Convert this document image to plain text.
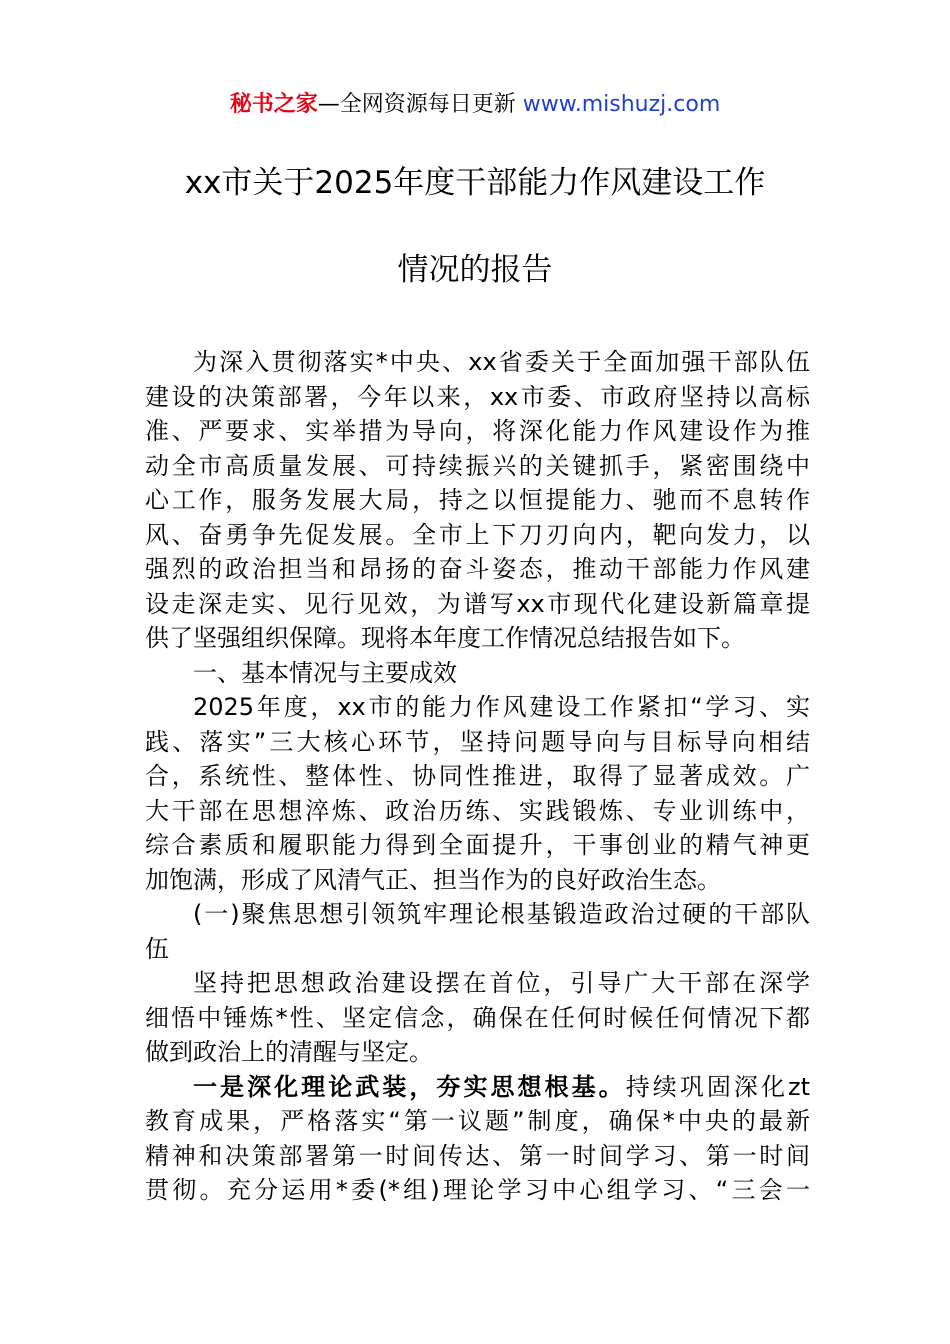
秘书之家—全网资源每日更新 www.mishuzj.com
xx市关于2025年度干部能力作风建设工作
情况的报告
为深入贯彻落实*中央、xx省委关于全面加强干部队伍
建设的决策部署，今年以来，xx市委、市政府坚持以高标
准、严要求、实举措为导向，将深化能力作风建设作为推
动全市高质量发展、可持续振兴的关键抓手，紧密围绕中
心工作，服务发展大局，持之以恒提能力、驰而不息转作
风、奋勇争先促发展。全市上下刀刃向内，靶向发力，以
强烈的政治担当和昂扬的奋斗姿态，推动干部能力作风建
设走深走实、见行见效，为谱写xx市现代化建设新篇章提
供了坚强组织保障。现将本年度工作情况总结报告如下。
一、基本情况与主要成效
2025年度，xx市的能力作风建设工作紧扣“学习、实
践、落实”三大核心环节，坚持问题导向与目标导向相结
合，系统性、整体性、协同性推进，取得了显著成效。广
大干部在思想淬炼、政治历练、实践锻炼、专业训练中，
综合素质和履职能力得到全面提升，干事创业的精气神更
加饱满，形成了风清气正、担当作为的良好政治生态。
(一)聚焦思想引领筑牢理论根基锻造政治过硬的干部队
伍
坚持把思想政治建设摆在首位，引导广大干部在深学
细悟中锤炼*性、坚定信念，确保在任何时候任何情况下都
做到政治上的清醒与坚定。
一是深化理论武装，夯实思想根基。持续巩固深化zt
教育成果，严格落实“第一议题”制度，确保*中央的最新
精神和决策部署第一时间传达、第一时间学习、第一时间
贯彻。充分运用*委(*组)理论学习中心组学习、“三会一
